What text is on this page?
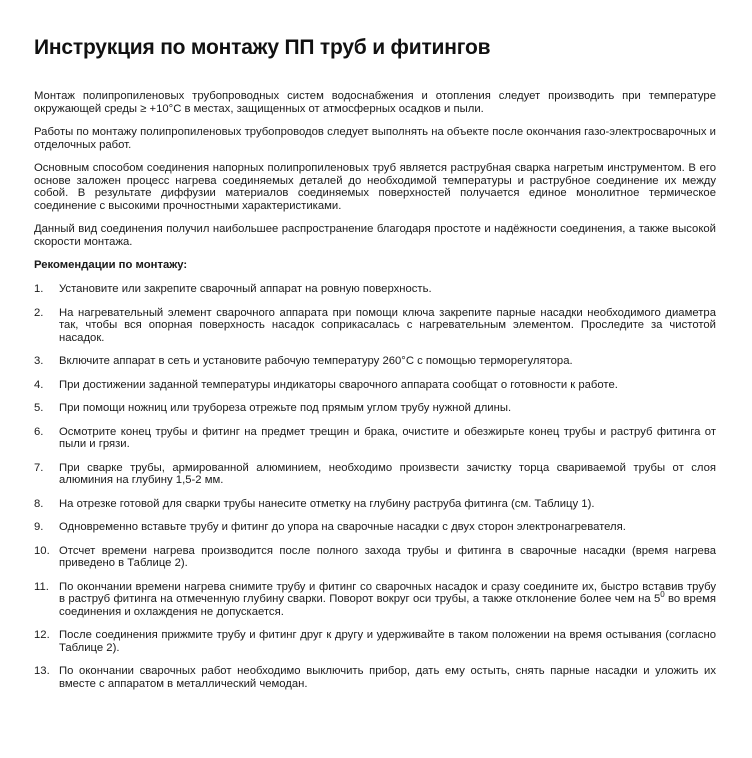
Инструкция по монтажу ПП труб и фитингов

Монтаж полипропиленовых трубопроводных систем водоснабжения и отопления следует производить при температуре окружающей среды ≥ +10°С в местах, защищенных от атмосферных осадков и пыли.

Работы по монтажу полипропиленовых трубопроводов следует выполнять на объекте после окончания газо-электросварочных и отделочных работ.

Основным способом соединения напорных полипропиленовых труб является раструбная сварка нагретым инструментом. В его основе заложен процесс нагрева соединяемых деталей до необходимой температуры и раструбное соединение их между собой. В результате диффузии материалов соединяемых поверхностей получается единое монолитное термическое соединение с высокими прочностными характеристиками.

Данный вид соединения получил наибольшее распространение благодаря простоте и надёжности соединения, а также высокой скорости монтажа.

Рекомендации по монтажу:
1.	Установите или закрепите сварочный аппарат на ровную поверхность.
2.	На нагревательный элемент сварочного аппарата при помощи ключа закрепите парные насадки необходимого диаметра так, чтобы вся опорная поверхность насадок соприкасалась с нагревательным элементом. Проследите за чистотой насадок.
3.	Включите аппарат в сеть и установите рабочую температуру 260°С с помощью терморегулятора.
4.	При достижении заданной температуры индикаторы сварочного аппарата сообщат о готовности к работе.
5.	При помощи ножниц или трубореза отрежьте под прямым углом трубу нужной длины.
6.	Осмотрите конец трубы и фитинг на предмет трещин и брака, очистите и обезжирьте конец трубы и раструб фитинга от пыли и грязи.
7.	При сварке трубы, армированной алюминием, необходимо произвести зачистку торца свариваемой трубы от слоя алюминия на глубину 1,5-2 мм.
8.	На отрезке готовой для сварки трубы нанесите отметку на глубину раструба фитинга (см. Таблицу 1).
9.	Одновременно вставьте трубу и фитинг до упора на сварочные насадки с двух сторон электронагревателя.
10. Отсчет времени нагрева производится после полного захода трубы и фитинга в сварочные насадки (время нагрева приведено в Таблице 2).
11. По окончании времени нагрева снимите трубу и фитинг со сварочных насадок и сразу соедините их, быстро вставив трубу в раструб фитинга на отмеченную глубину сварки. Поворот вокруг оси трубы, а также отклонение более чем на $5^0$ во время соединения и охлаждения не допускается.
12. После соединения прижмите трубу и фитинг друг к другу и удерживайте в таком положении на время остывания (согласно Таблице 2).
13. По окончании сварочных работ необходимо выключить прибор, дать ему остыть, снять парные насадки и уложить их вместе с аппаратом в металлический чемодан.
